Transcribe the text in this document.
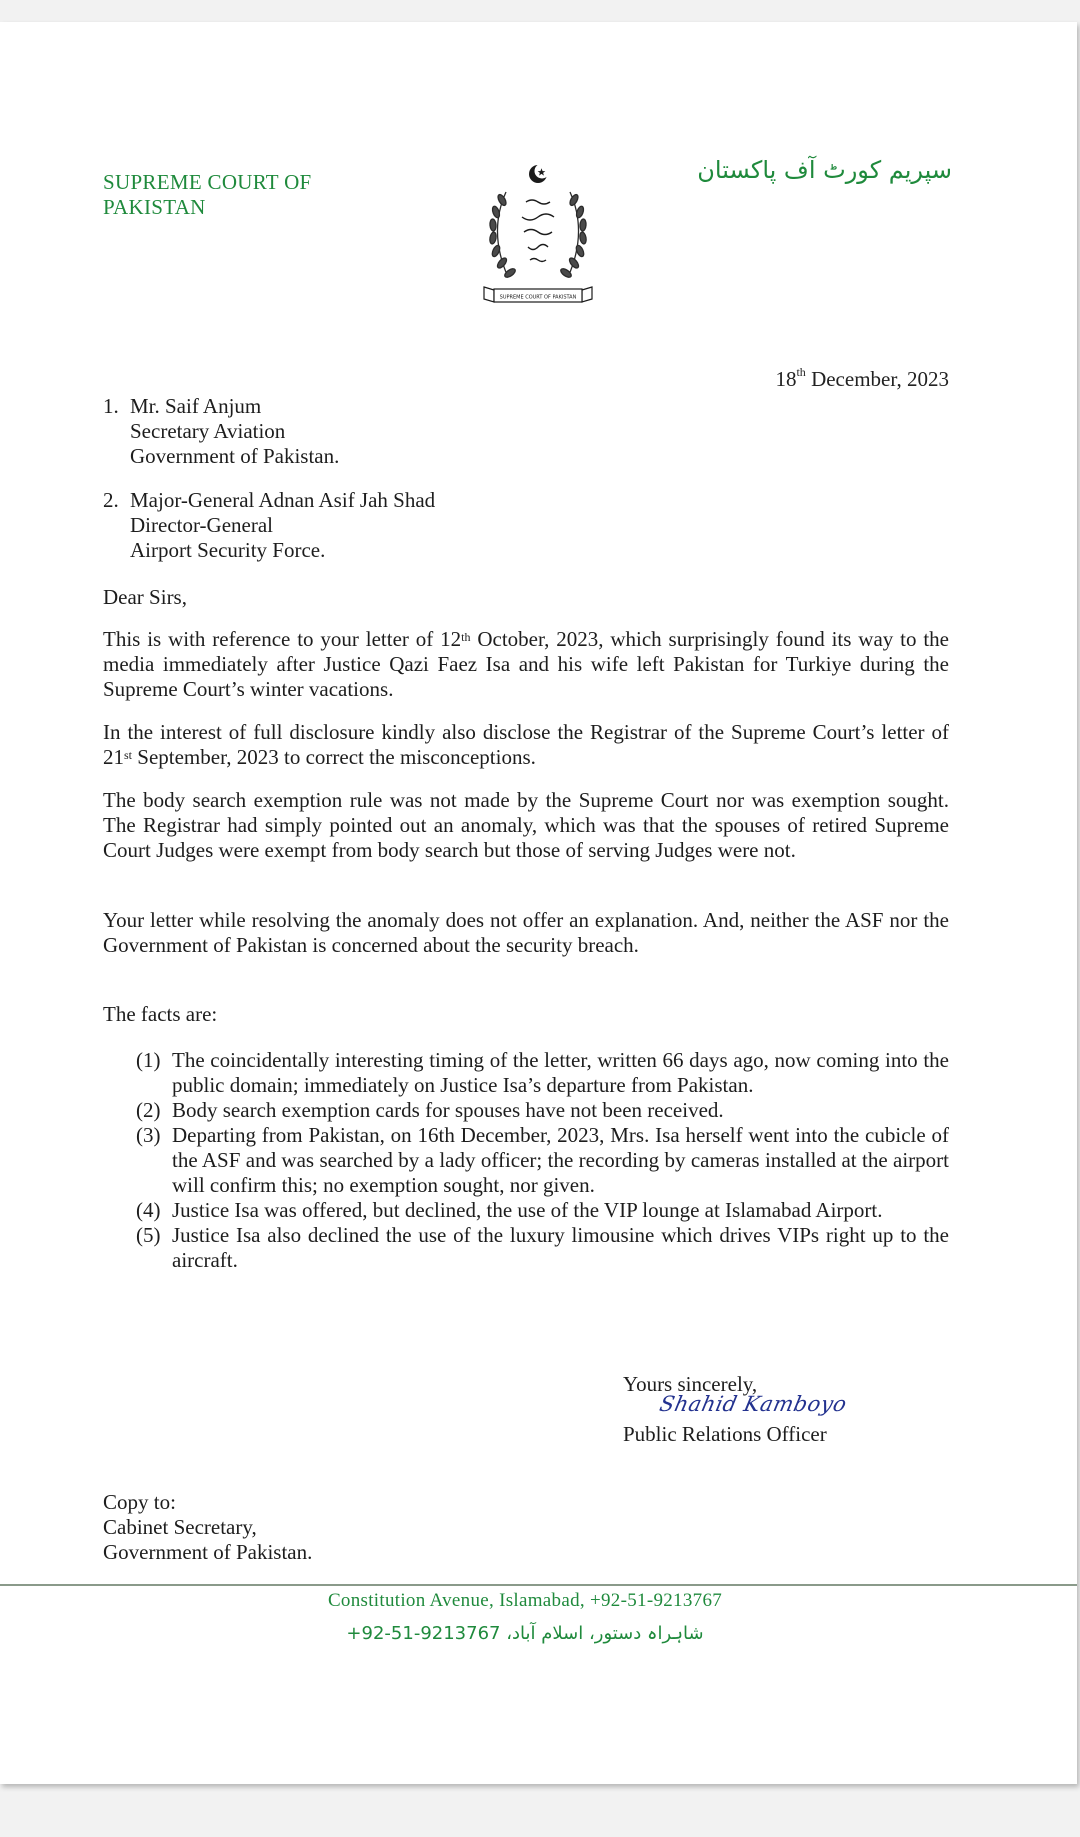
SUPREME COURT OF
PAKISTAN
SUPREME COURT OF PAKISTAN
سپریم کورٹ آف پاکستان
18th December, 2023
1. Mr. Saif Anjum
Secretary Aviation
Government of Pakistan.
2. Major-General Adnan Asif Jah Shad
Director-General
Airport Security Force.
Dear Sirs,
This is with reference to your letter of 12th October, 2023, which surprisingly found its way to the media immediately after Justice Qazi Faez Isa and his wife left Pakistan for Turkiye during the Supreme Court’s winter vacations.
In the interest of full disclosure kindly also disclose the Registrar of the Supreme Court’s letter of 21st September, 2023 to correct the misconceptions.
The body search exemption rule was not made by the Supreme Court nor was exemption sought. The Registrar had simply pointed out an anomaly, which was that the spouses of retired Supreme Court Judges were exempt from body search but those of serving Judges were not.
Your letter while resolving the anomaly does not offer an explanation. And, neither the ASF nor the Government of Pakistan is concerned about the security breach.
The facts are:
(1) The coincidentally interesting timing of the letter, written 66 days ago, now coming into the public domain; immediately on Justice Isa’s departure from Pakistan.
(2) Body search exemption cards for spouses have not been received.
(3) Departing from Pakistan, on 16th December, 2023, Mrs. Isa herself went into the cubicle of the ASF and was searched by a lady officer; the recording by cameras installed at the airport will confirm this; no exemption sought, nor given.
(4) Justice Isa was offered, but declined, the use of the VIP lounge at Islamabad Airport.
(5) Justice Isa also declined the use of the luxury limousine which drives VIPs right up to the aircraft.
Yours sincerely,
Public Relations Officer
Shahid Kamboyo
Copy to:
Cabinet Secretary,
Government of Pakistan.
Constitution Avenue, Islamabad, +92-51-9213767
شاہراہ دستور، اسلام آباد، 9213767-51-92+
